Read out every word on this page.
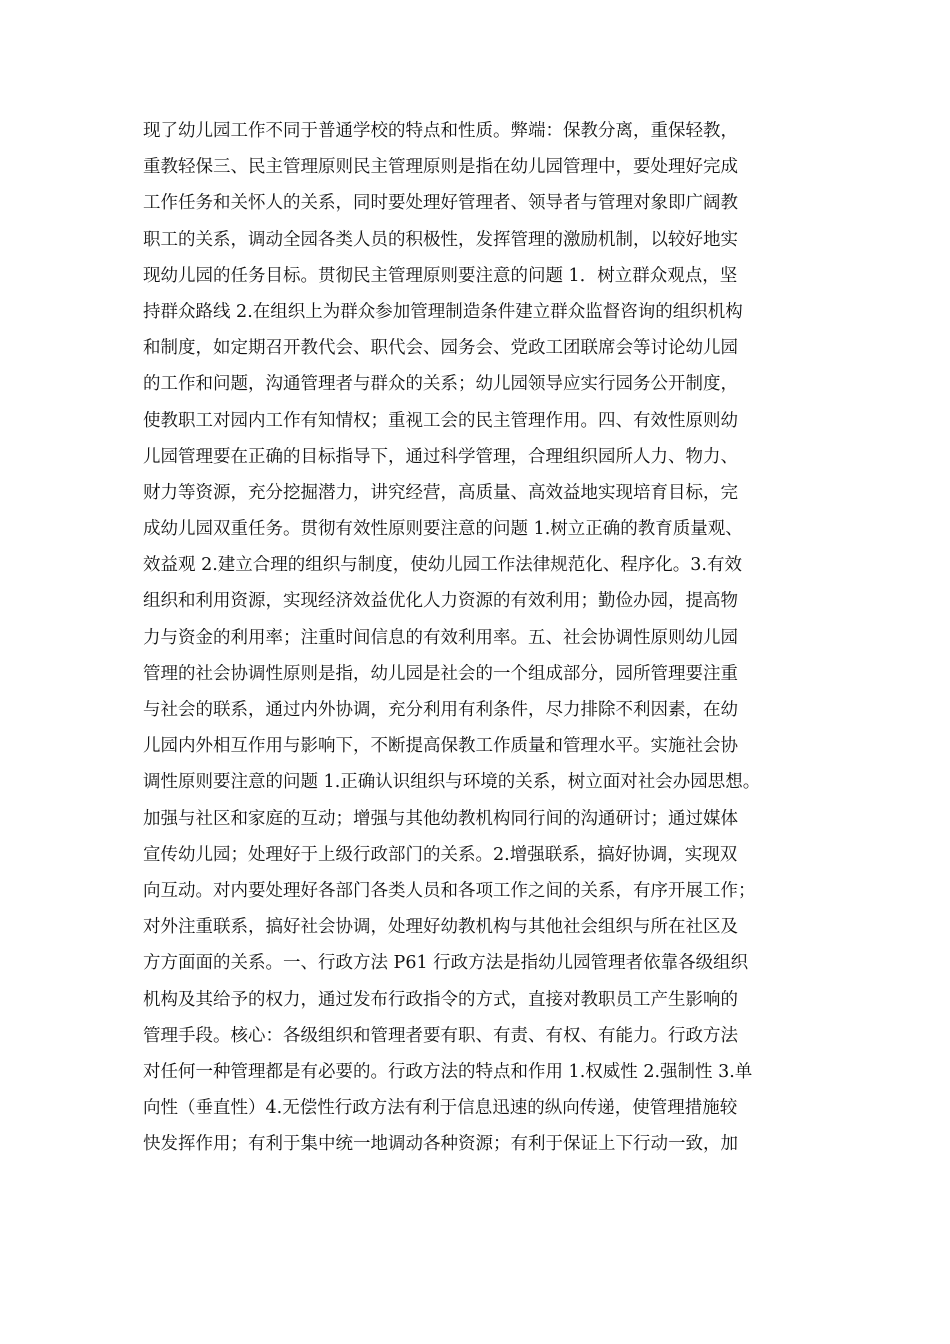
现了幼儿园工作不同于普通学校的特点和性质。弊端：保教分离，重保轻教，
重教轻保三、民主管理原则民主管理原则是指在幼儿园管理中，要处理好完成
工作任务和关怀人的关系，同时要处理好管理者、领导者与管理对象即广阔教
职工的关系，调动全园各类人员的积极性，发挥管理的激励机制，以较好地实
现幼儿园的任务目标。贯彻民主管理原则要注意的问题 1．树立群众观点，坚
持群众路线 2.在组织上为群众参加管理制造条件建立群众监督咨询的组织机构
和制度，如定期召开教代会、职代会、园务会、党政工团联席会等讨论幼儿园
的工作和问题，沟通管理者与群众的关系；幼儿园领导应实行园务公开制度，
使教职工对园内工作有知情权；重视工会的民主管理作用。四、有效性原则幼
儿园管理要在正确的目标指导下，通过科学管理，合理组织园所人力、物力、
财力等资源，充分挖掘潜力，讲究经营，高质量、高效益地实现培育目标，完
成幼儿园双重任务。贯彻有效性原则要注意的问题 1.树立正确的教育质量观、
效益观 2.建立合理的组织与制度，使幼儿园工作法律规范化、程序化。3.有效
组织和利用资源，实现经济效益优化人力资源的有效利用；勤俭办园，提高物
力与资金的利用率；注重时间信息的有效利用率。五、社会协调性原则幼儿园
管理的社会协调性原则是指，幼儿园是社会的一个组成部分，园所管理要注重
与社会的联系，通过内外协调，充分利用有利条件，尽力排除不利因素，在幼
儿园内外相互作用与影响下，不断提高保教工作质量和管理水平。实施社会协
调性原则要注意的问题 1.正确认识组织与环境的关系，树立面对社会办园思想。
加强与社区和家庭的互动；增强与其他幼教机构同行间的沟通研讨；通过媒体
宣传幼儿园；处理好于上级行政部门的关系。2.增强联系，搞好协调，实现双
向互动。对内要处理好各部门各类人员和各项工作之间的关系，有序开展工作；
对外注重联系，搞好社会协调，处理好幼教机构与其他社会组织与所在社区及
方方面面的关系。一、行政方法 P61 行政方法是指幼儿园管理者依靠各级组织
机构及其给予的权力，通过发布行政指令的方式，直接对教职员工产生影响的
管理手段。核心：各级组织和管理者要有职、有责、有权、有能力。行政方法
对任何一种管理都是有必要的。行政方法的特点和作用 1.权威性 2.强制性 3.单
向性（垂直性）4.无偿性行政方法有利于信息迅速的纵向传递，使管理措施较
快发挥作用；有利于集中统一地调动各种资源；有利于保证上下行动一致，加
